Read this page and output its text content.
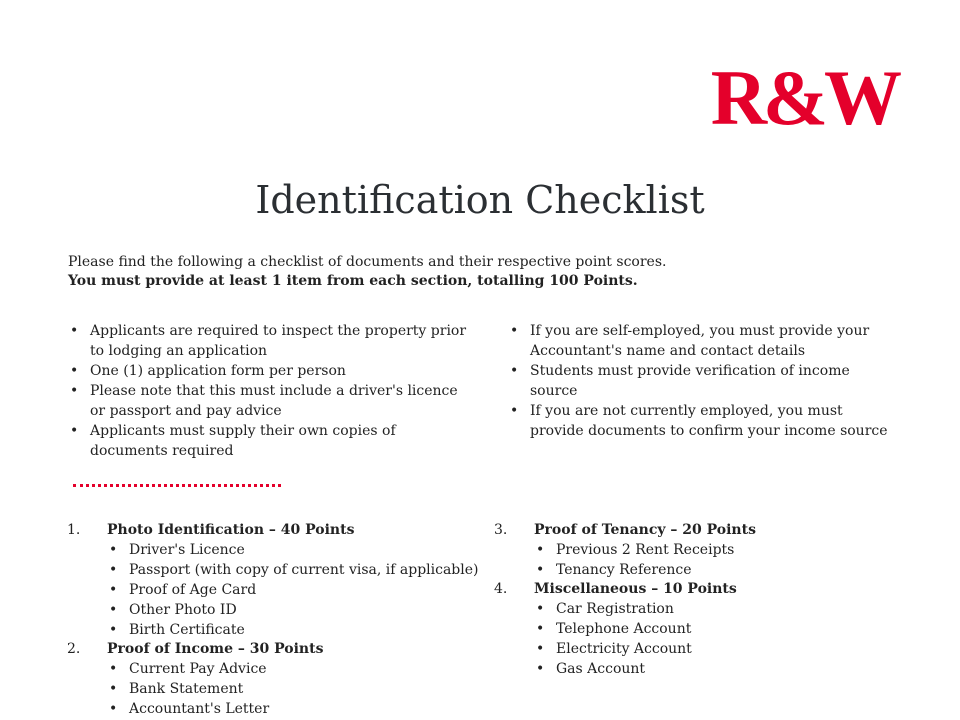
R&W
Identification Checklist

Please find the following a checklist of documents and their respective point scores.

You must provide at least 1 item from each section, totalling 100 Points.

• Applicants are required to inspect the property prior to lodging an application
• One (1) application form per person
• Please note that this must include a driver's licence or passport and pay advice
• Applicants must supply their own copies of documents required
• If you are self-employed, you must provide your Accountant's name and contact details
• Students must provide verification of income source
• If you are not currently employed, you must provide documents to confirm your income source
1. Photo Identification – 40 Points
• Driver's Licence
• Passport (with copy of current visa, if applicable)
• Proof of Age Card
• Other Photo ID
• Birth Certificate
2. Proof of Income – 30 Points
• Current Pay Advice
• Bank Statement
• Accountant's Letter
3. Proof of Tenancy – 20 Points
• Previous 2 Rent Receipts
• Tenancy Reference
4. Miscellaneous – 10 Points
• Car Registration
• Telephone Account
• Electricity Account
• Gas Account
